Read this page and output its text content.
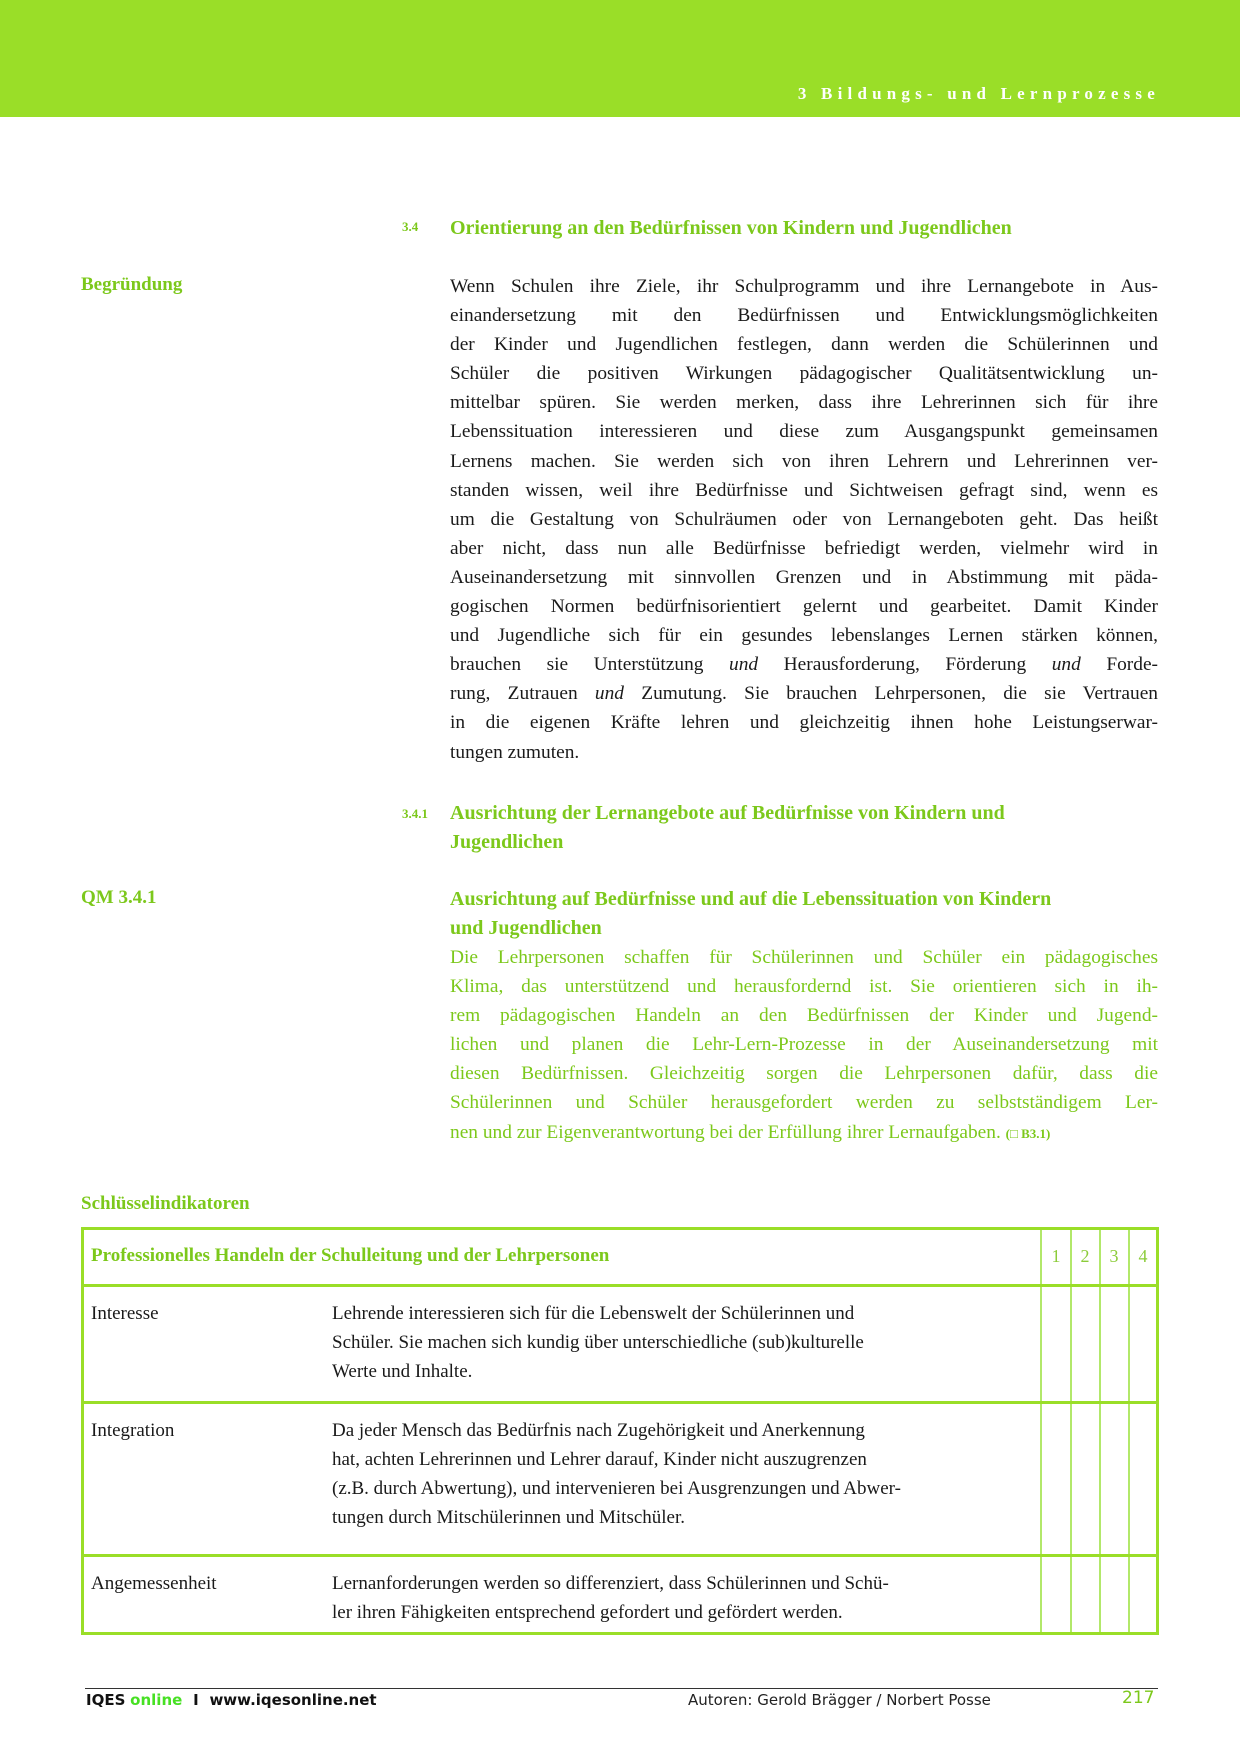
3 Bildungs- und Lernprozesse
3.4 Orientierung an den Bedürfnissen von Kindern und Jugendlichen
Begründung	Wenn Schulen ihre Ziele, ihr Schulprogramm und ihre Lernangebote in Aus-
einandersetzung mit den Bedürfnissen und Entwicklungsmöglichkeiten
der Kinder und Jugendlichen festlegen, dann werden die Schülerinnen und
Schüler die positiven Wirkungen pädagogischer Qualitätsentwicklung un-
mittelbar spüren. Sie werden merken, dass ihre Lehrerinnen sich für ihre
Lebenssituation interessieren und diese zum Ausgangspunkt gemeinsamen
Lernens machen. Sie werden sich von ihren Lehrern und Lehrerinnen ver-
standen wissen, weil ihre Bedürfnisse und Sichtweisen gefragt sind, wenn es
um die Gestaltung von Schulräumen oder von Lernangeboten geht. Das heißt
aber nicht, dass nun alle Bedürfnisse befriedigt werden, vielmehr wird in
Auseinandersetzung mit sinnvollen Grenzen und in Abstimmung mit päda-
gogischen Normen bedürfnisorientiert gelernt und gearbeitet. Damit Kinder
und Jugendliche sich für ein gesundes lebenslanges Lernen stärken können,
brauchen sie Unterstützung und Herausforderung, Förderung und Forde-
rung, Zutrauen und Zumutung. Sie brauchen Lehrpersonen, die sie Vertrauen
in die eigenen Kräfte lehren und gleichzeitig ihnen hohe Leistungserwar-
tungen zumuten.
3.4.1 Ausrichtung der Lernangebote auf Bedürfnisse von Kindern und
Jugendlichen
QM 3.4.1	Ausrichtung auf Bedürfnisse und auf die Lebenssituation von Kindern
und Jugendlichen
Die Lehrpersonen schaffen für Schülerinnen und Schüler ein pädagogisches
Klima, das unterstützend und herausfordernd ist. Sie orientieren sich in ih-
rem pädagogischen Handeln an den Bedürfnissen der Kinder und Jugend-
lichen und planen die Lehr-Lern-Prozesse in der Auseinandersetzung mit
diesen Bedürfnissen. Gleichzeitig sorgen die Lehrpersonen dafür, dass die
Schülerinnen und Schüler herausgefordert werden zu selbstständigem Ler-
nen und zur Eigenverantwortung bei der Erfüllung ihrer Lernaufgaben. (□ B3.1)
Schlüsselindikatoren
Professionelles Handeln der Schulleitung und der Lehrpersonen	1	2	3	4
Interesse	Lehrende interessieren sich für die Lebenswelt der Schülerinnen und
Schüler. Sie machen sich kundig über unterschiedliche (sub)kulturelle
Werte und Inhalte.
Integration	Da jeder Mensch das Bedürfnis nach Zugehörigkeit und Anerkennung
hat, achten Lehrerinnen und Lehrer darauf, Kinder nicht auszugrenzen
(z.B. durch Abwertung), und intervenieren bei Ausgrenzungen und Abwer-
tungen durch Mitschülerinnen und Mitschüler.
Angemessenheit	Lernanforderungen werden so differenziert, dass Schülerinnen und Schü-
ler ihren Fähigkeiten entsprechend gefordert und gefördert werden.
IQES online I www.iqesonline.net	Autoren: Gerold Brägger / Norbert Posse	217
